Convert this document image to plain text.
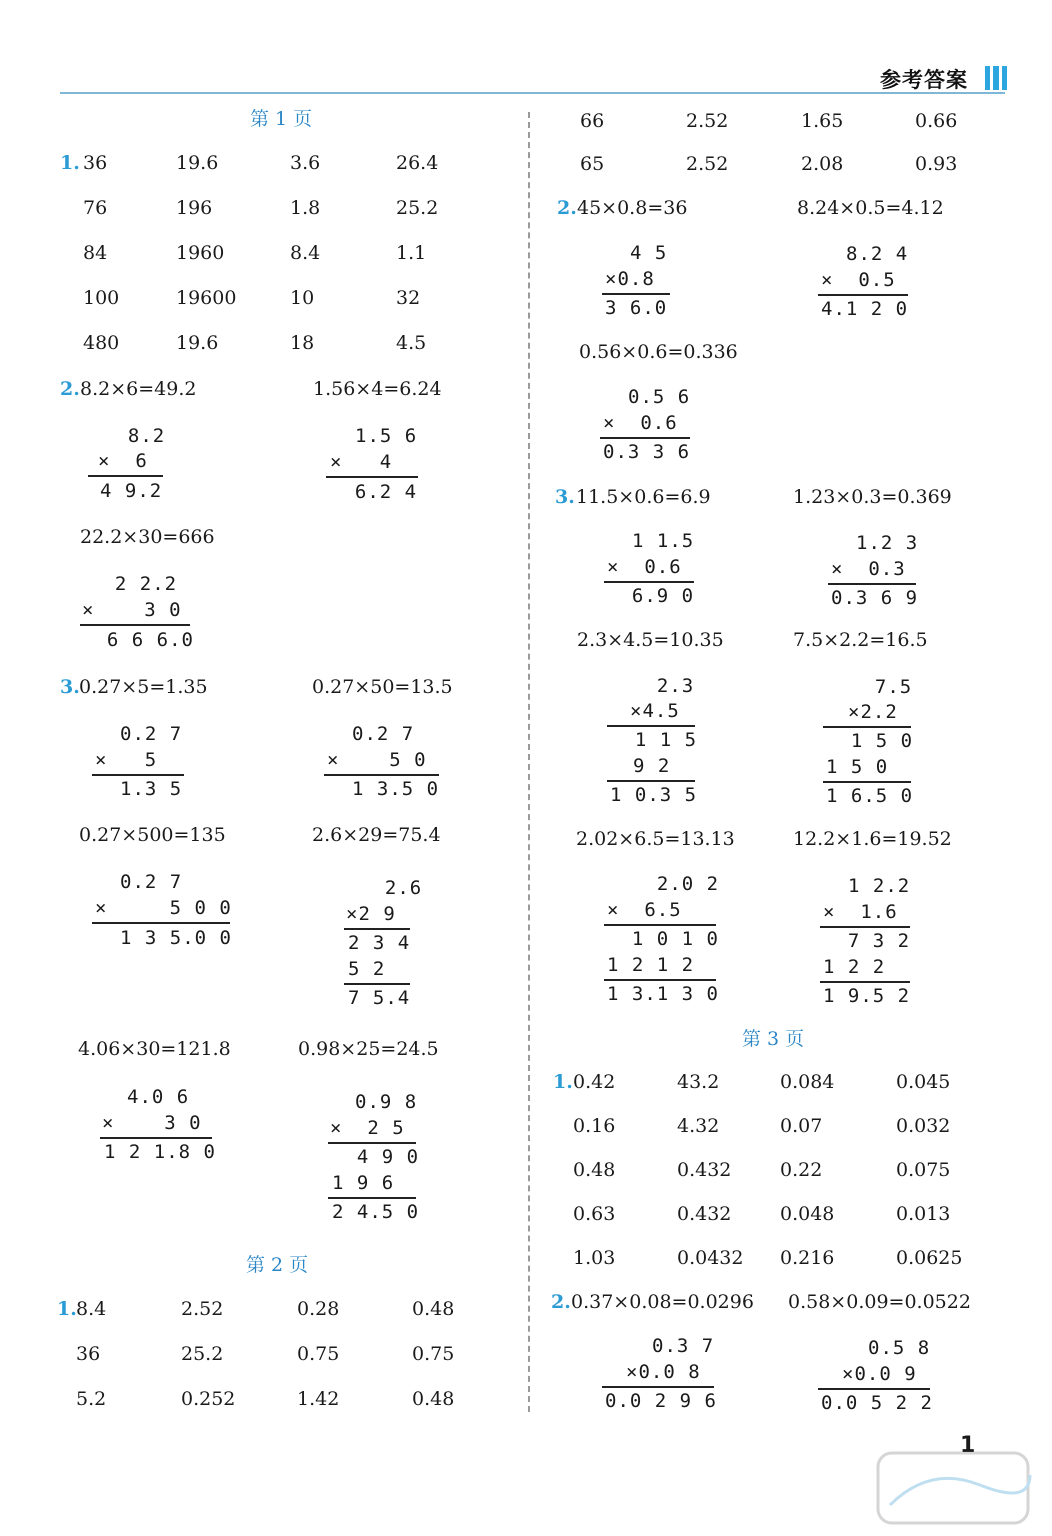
参考答案
第 1 页
1. 36	19.6	3.6	26.4
76	196	1.8	25.2
84	1960	8.4	1.1
100	19600	10	32
480	19.6	18	4.5
2. 8.2×6=49.2	1.56×4=6.24
8.2
×  6
4 9.2
1.5 6
×   4
6.2 4
22.2×30=666
2 2.2
×    3 0
6 6 6.0
3. 0.27×5=1.35	0.27×50=13.5
0.2 7
×   5
1.3 5
0.2 7
×    5 0
1 3.5 0
0.27×500=135	2.6×29=75.4
0.2 7
×     5 0 0
1 3 5.0 0
2.6
×2 9
2 3 4
5 2
7 5.4
4.06×30=121.8	0.98×25=24.5
4.0 6
×    3 0
1 2 1.8 0
0.9 8
×  2 5
4 9 0
1 9 6
2 4.5 0
第 2 页
1. 8.4	2.52	0.28	0.48
36	25.2	0.75	0.75
5.2	0.252	1.42	0.48
66	2.52	1.65	0.66
65	2.52	2.08	0.93
2. 45×0.8=36	8.24×0.5=4.12
4 5
×0.8
3 6.0
8.2 4
×  0.5
4.1 2 0
0.56×0.6=0.336
0.5 6
×  0.6
0.3 3 6
3. 11.5×0.6=6.9	1.23×0.3=0.369
1 1.5
×  0.6
6.9 0
1.2 3
×  0.3
0.3 6 9
2.3×4.5=10.35	7.5×2.2=16.5
2.3
×4.5
1 1 5
9 2
1 0.3 5
7.5
×2.2
1 5 0
1 5 0
1 6.5 0
2.02×6.5=13.13	12.2×1.6=19.52
2.0 2
×  6.5
1 0 1 0
1 2 1 2
1 3.1 3 0
1 2.2
×  1.6
7 3 2
1 2 2
1 9.5 2
第 3 页
1. 0.42	43.2	0.084	0.045
0.16	4.32	0.07	0.032
0.48	0.432	0.22	0.075
0.63	0.432	0.048	0.013
1.03	0.0432 0.216	0.0625
2. 0.37×0.08=0.0296 0.58×0.09=0.0522
0.3 7
×0.0 8
0.0 2 9 6
0.5 8
×0.0 9
0.0 5 2 2
1
